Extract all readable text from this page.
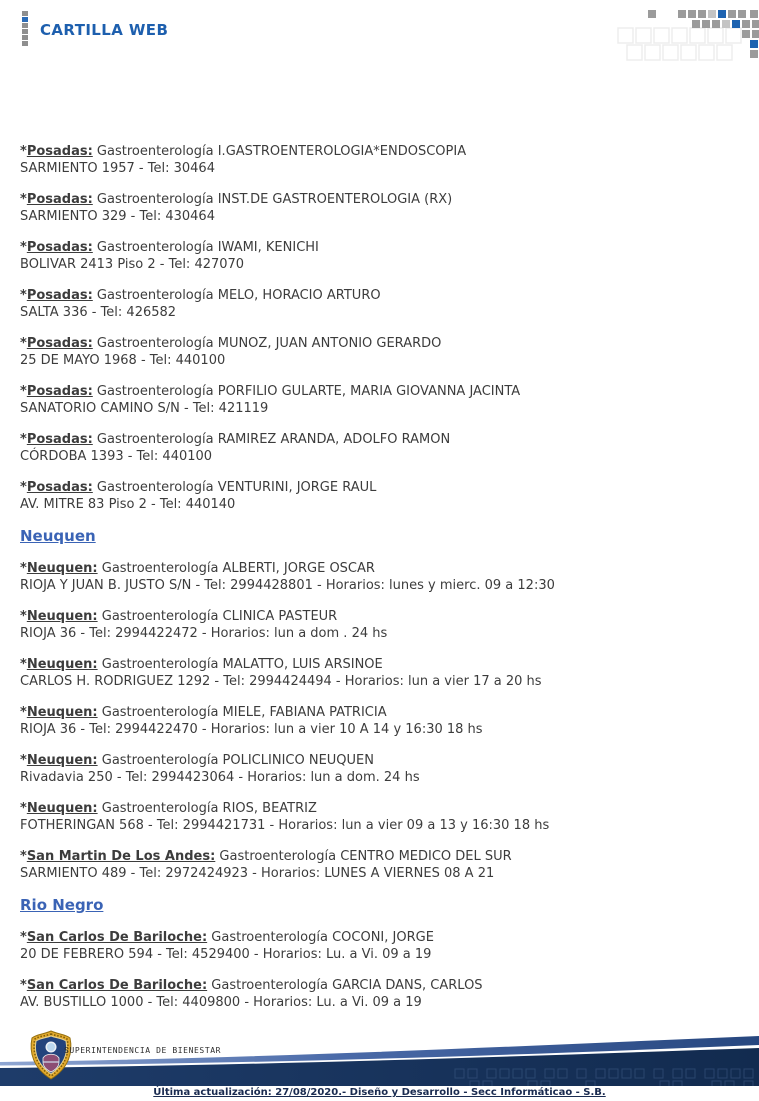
CARTILLA WEB

*Posadas: Gastroenterología I.GASTROENTEROLOGIA*ENDOSCOPIA
SARMIENTO 1957 - Tel: 30464

*Posadas: Gastroenterología INST.DE GASTROENTEROLOGIA (RX)
SARMIENTO 329 - Tel: 430464

*Posadas: Gastroenterología IWAMI, KENICHI
BOLIVAR 2413 Piso 2 - Tel: 427070

*Posadas: Gastroenterología MELO, HORACIO ARTURO
SALTA 336 - Tel: 426582

*Posadas: Gastroenterología MUNOZ, JUAN ANTONIO GERARDO
25 DE MAYO 1968 - Tel: 440100

*Posadas: Gastroenterología PORFILIO GULARTE, MARIA GIOVANNA JACINTA
SANATORIO CAMINO S/N - Tel: 421119

*Posadas: Gastroenterología RAMIREZ ARANDA, ADOLFO RAMON
CÓRDOBA 1393 - Tel: 440100

*Posadas: Gastroenterología VENTURINI, JORGE RAUL
AV. MITRE 83 Piso 2 - Tel: 440140

Neuquen

*Neuquen: Gastroenterología ALBERTI, JORGE OSCAR
RIOJA Y JUAN B. JUSTO S/N - Tel: 2994428801 - Horarios: lunes y mierc. 09 a 12:30

*Neuquen: Gastroenterología CLINICA PASTEUR
RIOJA 36 - Tel: 2994422472 - Horarios: lun a dom . 24 hs

*Neuquen: Gastroenterología MALATTO, LUIS ARSINOE
CARLOS H. RODRIGUEZ 1292 - Tel: 2994424494 - Horarios: lun a vier 17 a 20 hs

*Neuquen: Gastroenterología MIELE, FABIANA PATRICIA
RIOJA 36 - Tel: 2994422470 - Horarios: lun a vier 10 A 14 y 16:30 18 hs

*Neuquen: Gastroenterología POLICLINICO NEUQUEN
Rivadavia 250 - Tel: 2994423064 - Horarios: lun a dom. 24 hs

*Neuquen: Gastroenterología RIOS, BEATRIZ
FOTHERINGAN 568 - Tel: 2994421731 - Horarios: lun a vier 09 a 13 y 16:30 18 hs

*San Martin De Los Andes: Gastroenterología CENTRO MEDICO DEL SUR
SARMIENTO 489 - Tel: 2972424923 - Horarios: LUNES A VIERNES 08 A 21

Rio Negro

*San Carlos De Bariloche: Gastroenterología COCONI, JORGE
20 DE FEBRERO 594 - Tel: 4529400 - Horarios: Lu. a Vi. 09 a 19

*San Carlos De Bariloche: Gastroenterología GARCIA DANS, CARLOS
AV. BUSTILLO 1000 - Tel: 4409800 - Horarios: Lu. a Vi. 09 a 19

SUPERINTENDENCIA DE BIENESTAR
Última actualización: 27/08/2020.- Diseño y Desarrollo - Secc Informáticao - S.B.
